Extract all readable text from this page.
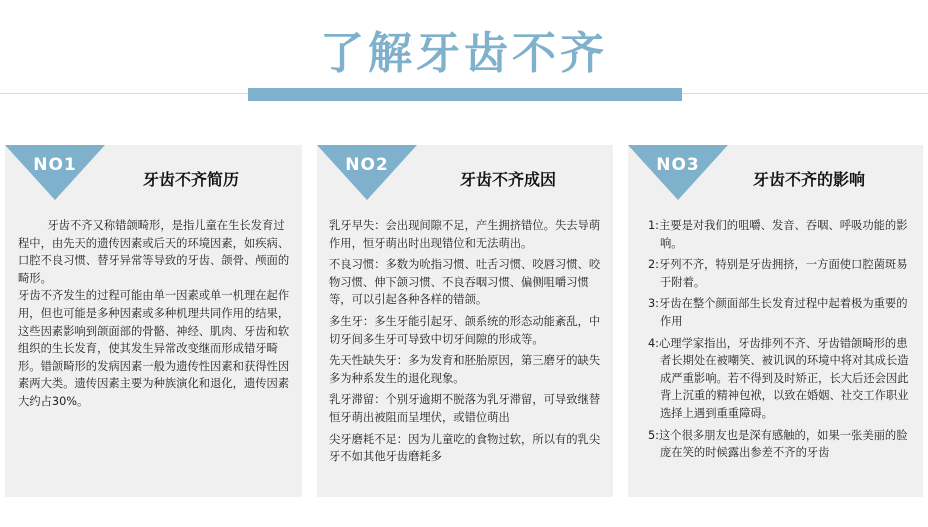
了解牙齿不齐
NO1
牙齿不齐简历

牙齿不齐又称错颌畸形，是指儿童在生长发育过程中，由先天的遗传因素或后天的环境因素，如疾病、口腔不良习惯、替牙异常等导致的牙齿、颌骨、颅面的畸形。

牙齿不齐发生的过程可能由单一因素或单一机理在起作用，但也可能是多种因素或多种机理共同作用的结果，这些因素影响到颌面部的骨骼、神经、肌肉、牙齿和软组织的生长发育，使其发生异常改变继而形成错牙畸形。错颌畸形的发病因素一般为遗传性因素和获得性因素两大类。遗传因素主要为种族演化和退化，遗传因素大约占30%。

NO2
牙齿不齐成因

乳牙早失：会出现间隙不足，产生拥挤错位。失去导萌作用，恒牙萌出时出现错位和无法萌出。

不良习惯：多数为吮指习惯、吐舌习惯、咬唇习惯、咬物习惯、伸下颌习惯、不良吞咽习惯、偏侧咀嚼习惯等，可以引起各种各样的错颌。

多生牙：多生牙能引起牙、颌系统的形态动能紊乱，中切牙间多生牙可导致中切牙间隙的形成等。

先天性缺失牙：多为发育和胚胎原因，第三磨牙的缺失多为种系发生的退化现象。

乳牙滞留：个别牙逾期不脱落为乳牙滞留，可导致继替恒牙萌出被阻而呈埋伏，或错位萌出

尖牙磨耗不足：因为儿童吃的食物过软，所以有的乳尖牙不如其他牙齿磨耗多

NO3
牙齿不齐的影响

1:主要是对我们的咀嚼、发音、吞咽、呼吸功能的影响。

2:牙列不齐，特别是牙齿拥挤，一方面使口腔菌斑易于附着。

3:牙齿在整个颜面部生长发育过程中起着极为重要的作用

4:心理学家指出，牙齿排列不齐、牙齿错颌畸形的患者长期处在被嘲笑、被讥讽的环境中将对其成长造成严重影响。若不得到及时矫正，长大后还会因此背上沉重的精神包袱，以致在婚姻、社交工作职业选择上遇到重重障碍。

5:这个很多朋友也是深有感触的，如果一张美丽的脸庞在笑的时候露出参差不齐的牙齿
